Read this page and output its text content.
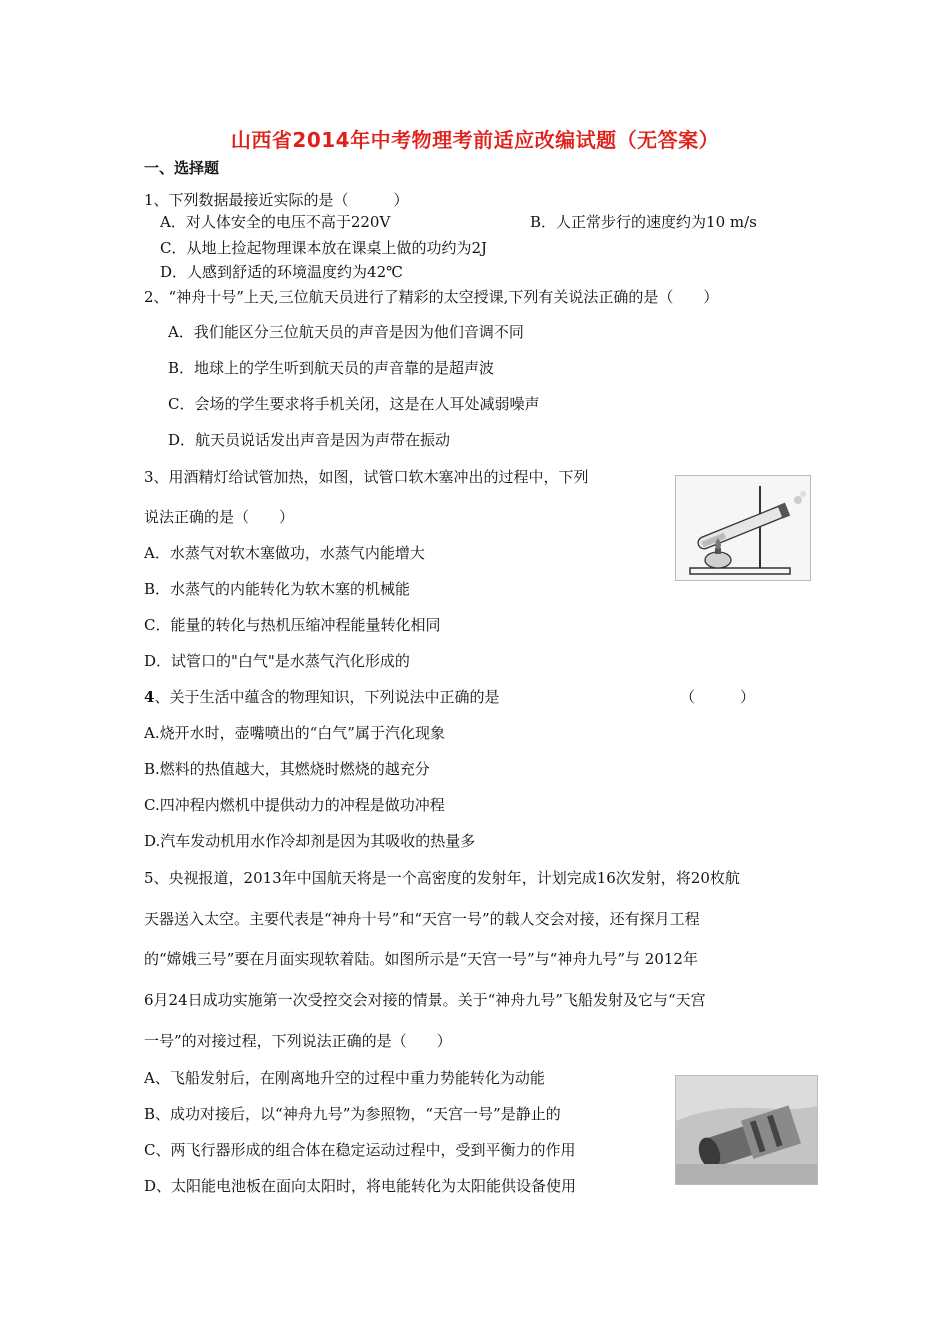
山西省2014年中考物理考前适应改编试题（无答案）
一、选择题
1、下列数据最接近实际的是（　　　）
A．对人体安全的电压不高于220V	B．人正常步行的速度约为10 m/s
C．从地上捡起物理课本放在课桌上做的功约为2J
D．人感到舒适的环境温度约为42℃
2、“神舟十号”上天,三位航天员进行了精彩的太空授课,下列有关说法正确的是（　　）
A．我们能区分三位航天员的声音是因为他们音调不同
B．地球上的学生听到航天员的声音靠的是超声波
C．会场的学生要求将手机关闭，这是在人耳处减弱噪声
D．航天员说话发出声音是因为声带在振动
3、用酒精灯给试管加热，如图，试管口软木塞冲出的过程中，下列
说法正确的是（　　）
A．水蒸气对软木塞做功，水蒸气内能增大
B．水蒸气的内能转化为软木塞的机械能
C．能量的转化与热机压缩冲程能量转化相同
D．试管口的"白气"是水蒸气汽化形成的
4、关于生活中蕴含的物理知识，下列说法中正确的是	（　　　）
A.烧开水时，壶嘴喷出的“白气”属于汽化现象
B.燃料的热值越大，其燃烧时燃烧的越充分
C.四冲程内燃机中提供动力的冲程是做功冲程
D.汽车发动机用水作冷却剂是因为其吸收的热量多
5、央视报道，2013年中国航天将是一个高密度的发射年，计划完成16次发射，将20枚航
天器送入太空。主要代表是“神舟十号”和“天宫一号”的载人交会对接，还有探月工程
的“嫦娥三号”要在月面实现软着陆。如图所示是“天宫一号”与“神舟九号”与 2012年
6月24日成功实施第一次受控交会对接的情景。关于“神舟九号”飞船发射及它与“天宫
一号”的对接过程，下列说法正确的是（　　）
A、飞船发射后，在刚离地升空的过程中重力势能转化为动能
B、成功对接后，以“神舟九号”为参照物，“天宫一号”是静止的
C、两飞行器形成的组合体在稳定运动过程中，受到平衡力的作用
D、太阳能电池板在面向太阳时，将电能转化为太阳能供设备使用
